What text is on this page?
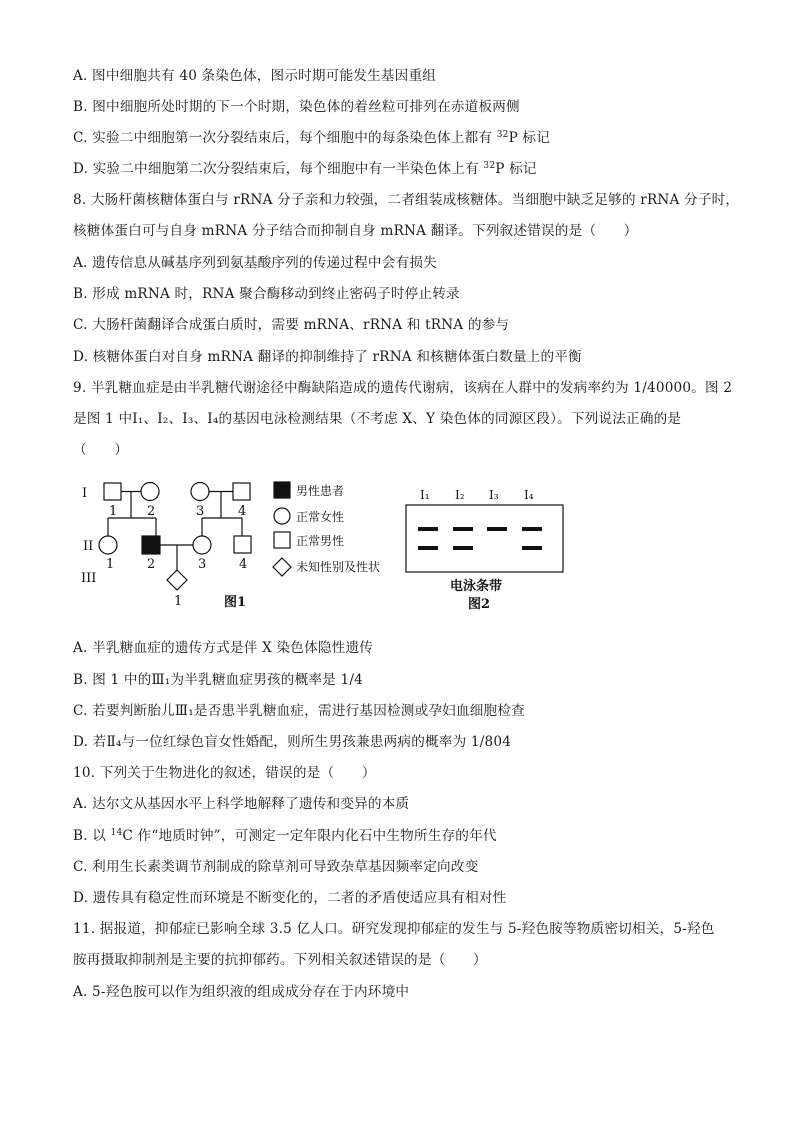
A. 图中细胞共有 40 条染色体，图示时期可能发生基因重组
B. 图中细胞所处时期的下一个时期，染色体的着丝粒可排列在赤道板两侧
C. 实验二中细胞第一次分裂结束后，每个细胞中的每条染色体上都有 $^{32}$P 标记
D. 实验二中细胞第二次分裂结束后，每个细胞中有一半染色体上有 $^{32}$P 标记
8. 大肠杆菌核糖体蛋白与 rRNA 分子亲和力较强，二者组装成核糖体。当细胞中缺乏足够的 rRNA 分子时，
核糖体蛋白可与自身 mRNA 分子结合而抑制自身 mRNA 翻译。下列叙述错误的是（　　）
A. 遗传信息从碱基序列到氨基酸序列的传递过程中会有损失
B. 形成 mRNA 时，RNA 聚合酶移动到终止密码子时停止转录
C. 大肠杆菌翻译合成蛋白质时，需要 mRNA、rRNA 和 tRNA 的参与
D. 核糖体蛋白对自身 mRNA 翻译的抑制维持了 rRNA 和核糖体蛋白数量上的平衡
9. 半乳糖血症是由半乳糖代谢途径中酶缺陷造成的遗传代谢病，该病在人群中的发病率约为 1/40000。图 2
是图 1 中Ⅰ₁、Ⅰ₂、Ⅰ₃、Ⅰ₄的基因电泳检测结果（不考虑 X、Y 染色体的同源区段）。下列说法正确的是
（　　）
I
II
III
1 2	3	4
1	2	3	4
1
男性患者
正常女性
正常男性
未知性别及性状
图1
I₁ I₂ I₃ I₄
电泳条带
图2
A. 半乳糖血症的遗传方式是伴 X 染色体隐性遗传
B. 图 1 中的Ⅲ₁为半乳糖血症男孩的概率是 1/4
C. 若要判断胎儿Ⅲ₁是否患半乳糖血症，需进行基因检测或孕妇血细胞检查
D. 若Ⅱ₄与一位红绿色盲女性婚配，则所生男孩兼患两病的概率为 1/804
10. 下列关于生物进化的叙述，错误的是（　　）
A. 达尔文从基因水平上科学地解释了遗传和变异的本质
B. 以 $^{14}$C 作“地质时钟”，可测定一定年限内化石中生物所生存的年代
C. 利用生长素类调节剂制成的除草剂可导致杂草基因频率定向改变
D. 遗传具有稳定性而环境是不断变化的，二者的矛盾使适应具有相对性
11. 据报道，抑郁症已影响全球 3.5 亿人口。研究发现抑郁症的发生与 5-羟色胺等物质密切相关，5-羟色
胺再摄取抑制剂是主要的抗抑郁药。下列相关叙述错误的是（　　）
A. 5-羟色胺可以作为组织液的组成成分存在于内环境中
